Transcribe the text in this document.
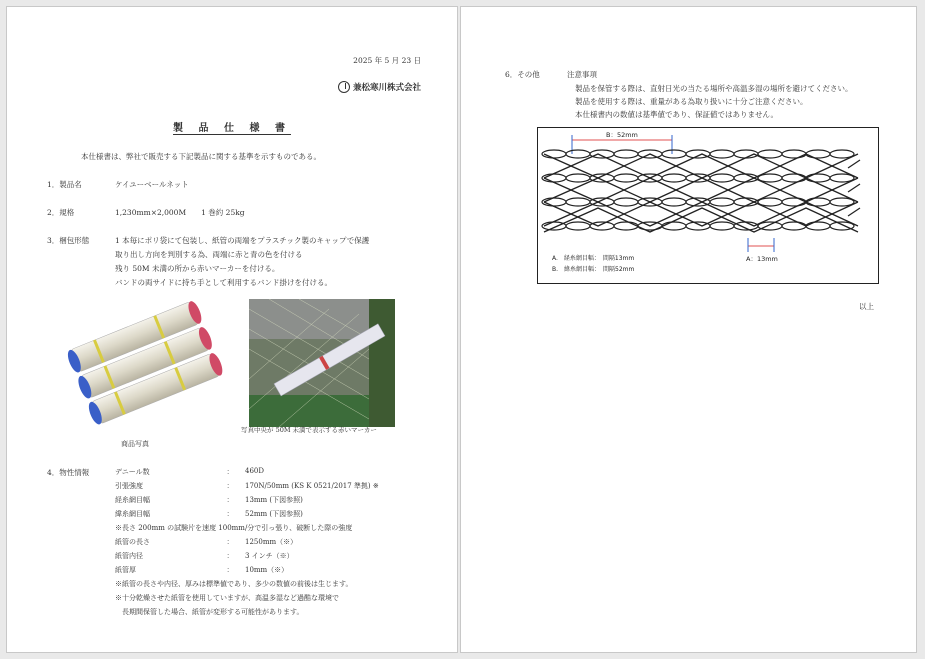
2025 年 5 月 23 日
兼松寒川株式会社
製 品 仕 様 書
本仕様書は、弊社で販売する下記製品に関する基準を示すものである。
1．製品名	ケイユーベールネット
2．規格	1,230mm×2,000M　　1 巻約 25kg
3．梱包形態	1 本毎にポリ袋にて包装し、紙管の両端をプラスチック製のキャップで保護
取り出し方向を判別する為、両端に赤と青の色を付ける
残り 50M 未満の所から赤いマーカーを付ける。
バンドの両サイドに持ち手として利用するバンド掛けを付ける。
商品写真
写真中央が 50M 未満で表示する赤いマーカー
4．物性情報	デニール数	：	460D
引張強度	：	170N/50mm (KS K 0521/2017 準拠) ※
経糸網目幅	：	13mm (下図参照)
緯糸網目幅	：	52mm (下図参照)
※長さ 200mm の試験片を速度 100mm/分で引っ張り、破断した際の強度
紙管の長さ	：	1250mm（※）
紙管内径	：	3 インチ（※）
紙管厚	：	10mm（※）
※紙管の長さや内径、厚みは標準値であり、多少の数値の前後は生じます。
※十分乾燥させた紙管を使用していますが、高温多湿など過酷な環境で
　長期間保管した場合、紙管が変形する可能性があります。
6．その他	注意事項
製品を保管する際は、直射日光の当たる場所や高温多湿の場所を避けてください。
製品を使用する際は、重量がある為取り扱いに十分ご注意ください。
本仕様書内の数値は基準値であり、保証値ではありません。
B：52mm
A：13mm
A.　経糸網目幅：　間隔13mm
B.　緯糸網目幅：　間隔52mm
以上
